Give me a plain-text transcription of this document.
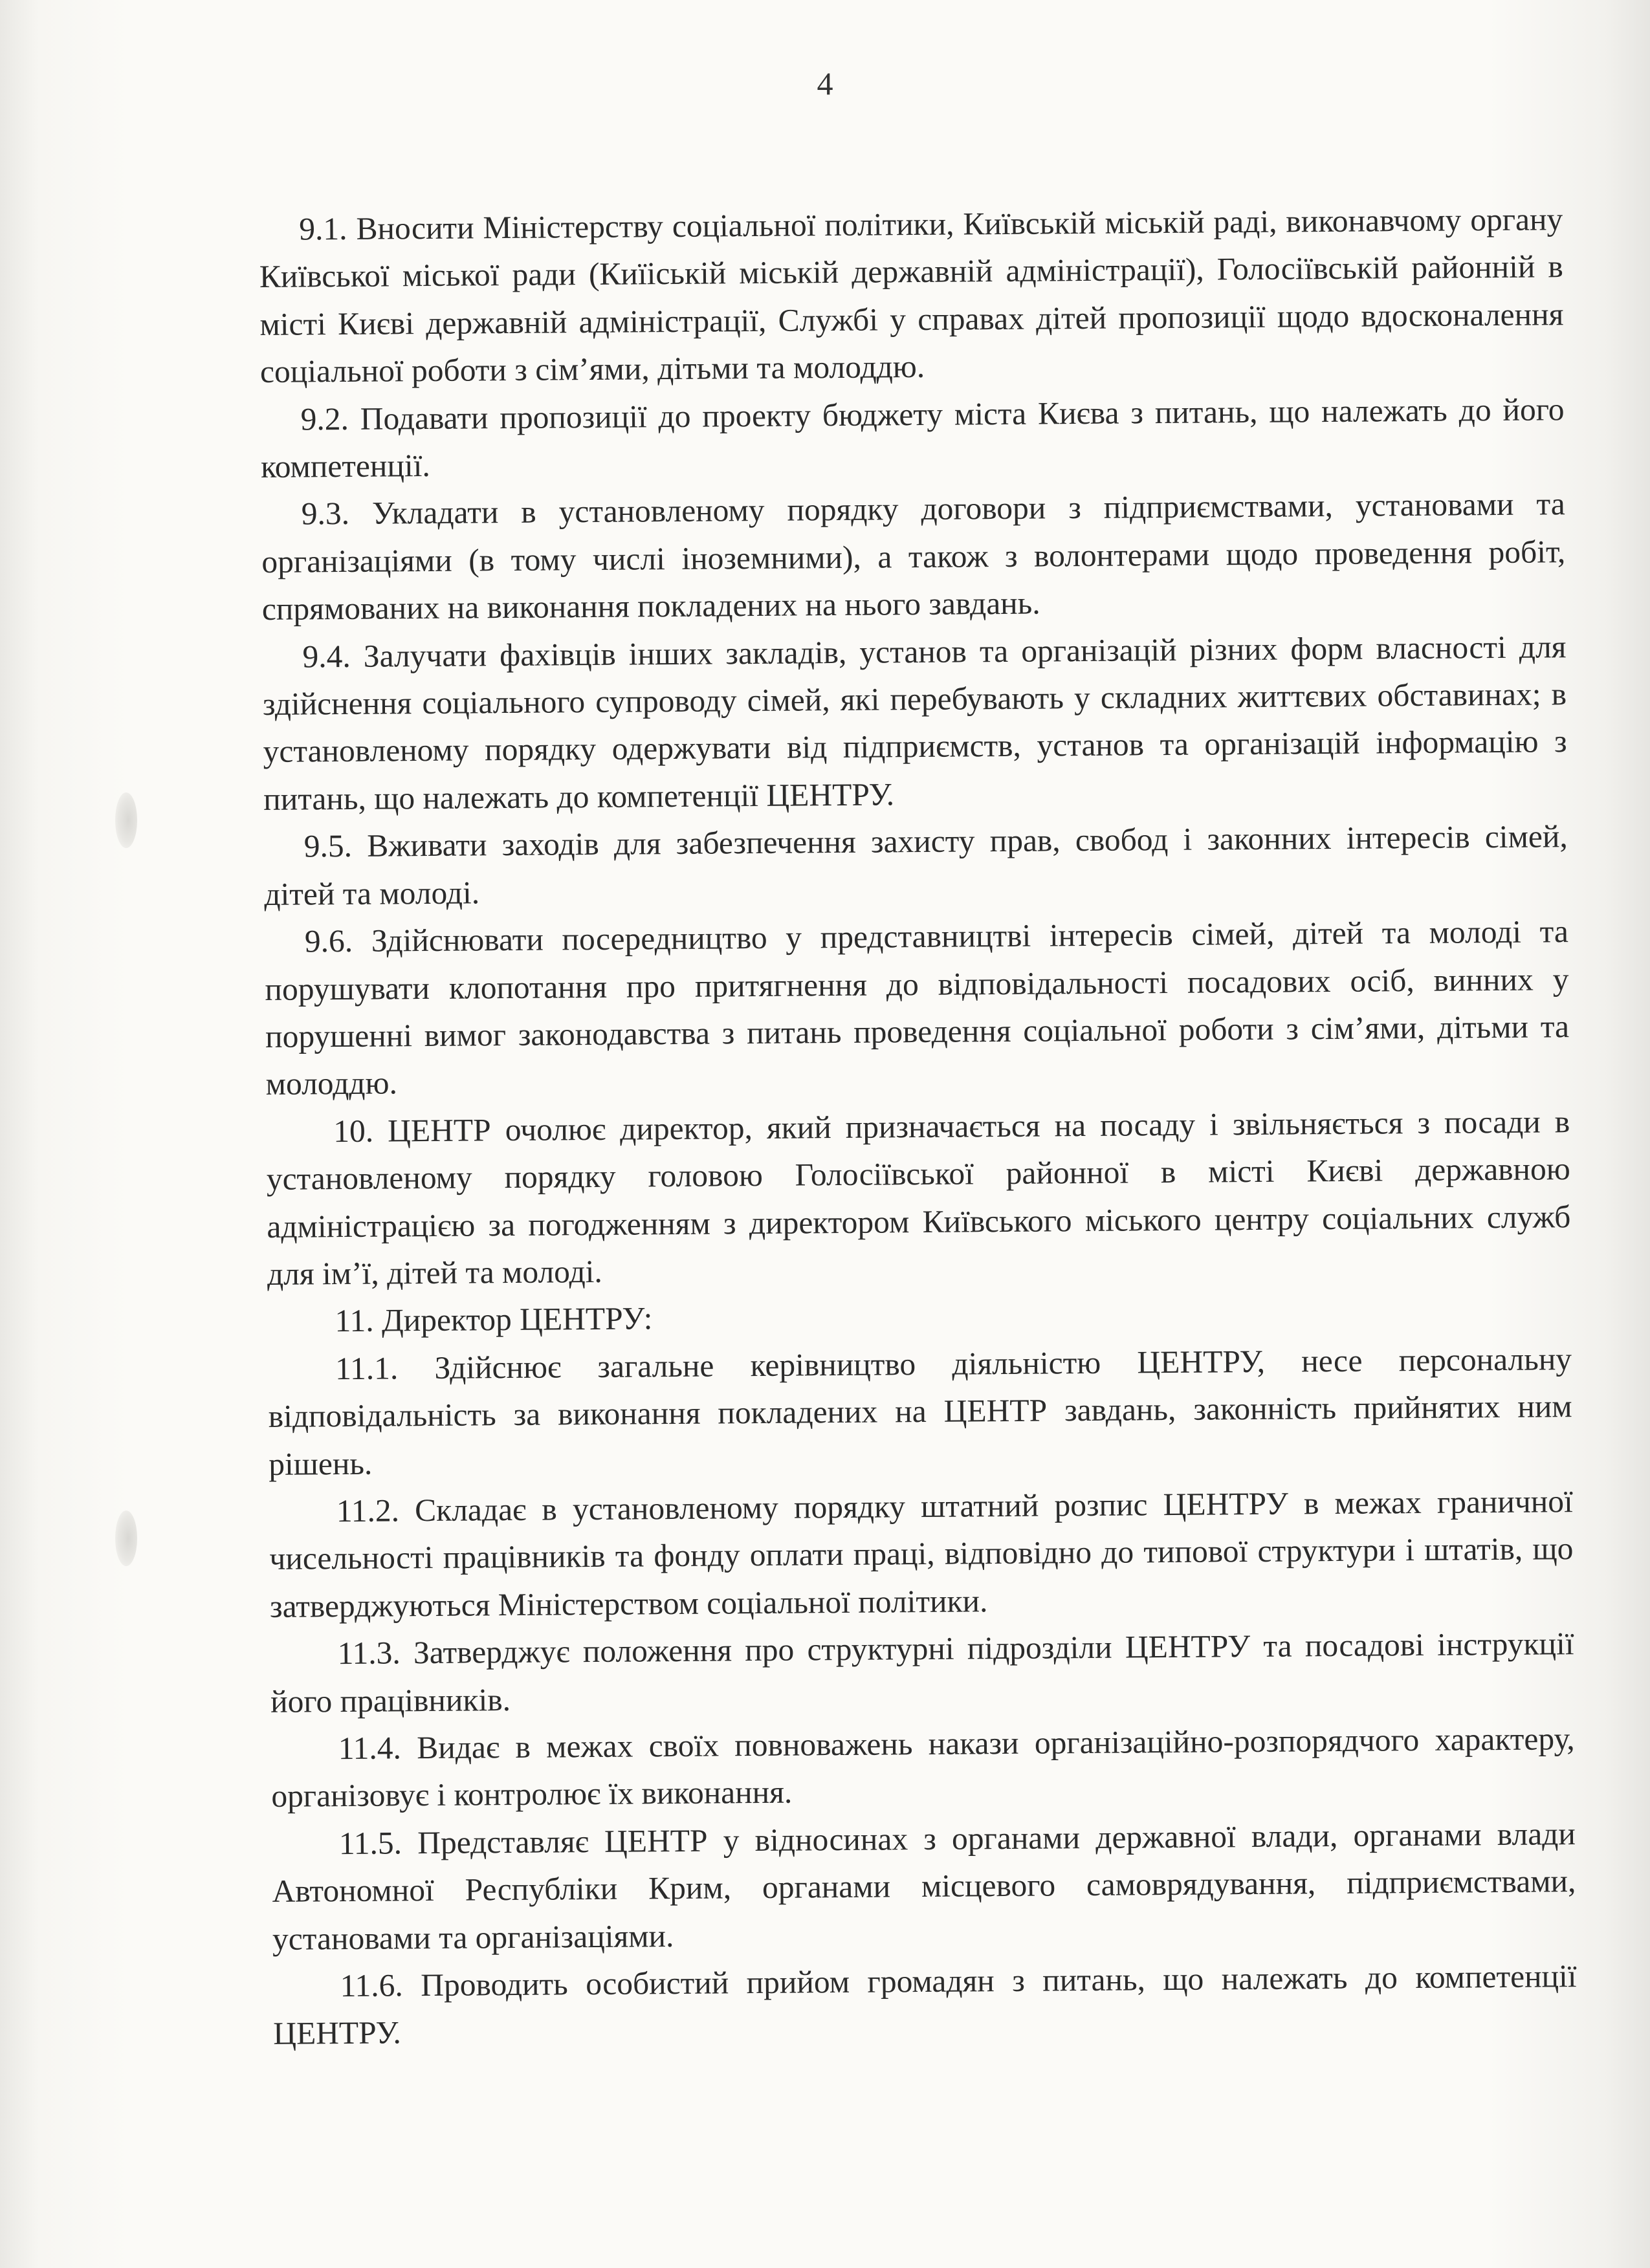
4

9.1. Вносити Міністерству соціальної політики, Київській міській раді, виконавчому органу Київської міської ради (Киїіській міській державній адміністрації), Голосіївській районній в місті Києві державній адміністрації, Службі у справах дітей пропозиції щодо вдосконалення соціальної роботи з сім’ями, дітьми та молоддю.

9.2. Подавати пропозиції до проекту бюджету міста Києва з питань, що належать до його компетенції.

9.3. Укладати в установленому порядку договори з підприємствами, установами та організаціями (в тому числі іноземними), а також з волонтерами щодо проведення робіт, спрямованих на виконання покладених на нього завдань.

9.4. Залучати фахівців інших закладів, установ та організацій різних форм власності для здійснення соціального супроводу сімей, які перебувають у складних життєвих обставинах; в установленому порядку одержувати від підприємств, установ та організацій інформацію з питань, що належать до компетенції ЦЕНТРУ.

9.5. Вживати заходів для забезпечення захисту прав, свобод і законних інтересів сімей, дітей та молоді.

9.6. Здійснювати посередництво у представництві інтересів сімей, дітей та молоді та порушувати клопотання про притягнення до відповідальності посадових осіб, винних у порушенні вимог законодавства з питань проведення соціальної роботи з сім’ями, дітьми та молоддю.

10. ЦЕНТР очолює директор, який призначається на посаду і звільняється з посади в установленому порядку головою Голосіївської районної в місті Києві державною адміністрацією за погодженням з директором Київського міського центру соціальних служб для ім’ї, дітей та молоді.

11. Директор ЦЕНТРУ:

11.1. Здійснює загальне керівництво діяльністю ЦЕНТРУ, несе персональну відповідальність за виконання покладених на ЦЕНТР завдань, законність прийнятих ним рішень.

11.2. Складає в установленому порядку штатний розпис ЦЕНТРУ в межах граничної чисельності працівників та фонду оплати праці, відповідно до типової структури і штатів, що затверджуються Міністерством соціальної політики.

11.3. Затверджує положення про структурні підрозділи ЦЕНТРУ та посадові інструкції його працівників.

11.4. Видає в межах своїх повноважень накази організаційно-розпорядчого характеру, організовує і контролює їх виконання.

11.5. Представляє ЦЕНТР у відносинах з органами державної влади, органами влади Автономної Республіки Крим, органами місцевого самоврядування, підприємствами, установами та організаціями.

11.6. Проводить особистий прийом громадян з питань, що належать до компетенції ЦЕНТРУ.
